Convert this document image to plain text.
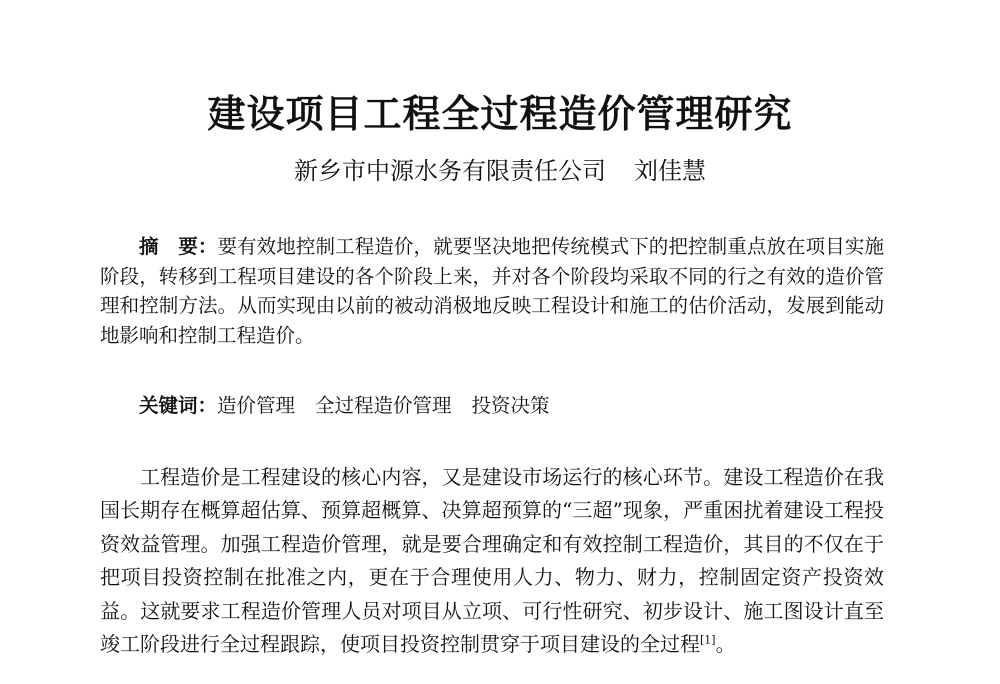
建设项目工程全过程造价管理研究
新乡市中源水务有限责任公司 刘佳慧
摘　要：要有效地控制工程造价，就要坚决地把传统模式下的把控制重点放在项目实施阶段，转移到工程项目建设的各个阶段上来，并对各个阶段均采取不同的行之有效的造价管理和控制方法。从而实现由以前的被动消极地反映工程设计和施工的估价活动，发展到能动地影响和控制工程造价。
关键词：造价管理 全过程造价管理 投资决策
工程造价是工程建设的核心内容，又是建设市场运行的核心环节。建设工程造价在我国长期存在概算超估算、预算超概算、决算超预算的“三超”现象，严重困扰着建设工程投资效益管理。加强工程造价管理，就是要合理确定和有效控制工程造价，其目的不仅在于把项目投资控制在批准之内，更在于合理使用人力、物力、财力，控制固定资产投资效益。这就要求工程造价管理人员对项目从立项、可行性研究、初步设计、施工图设计直至竣工阶段进行全过程跟踪，使项目投资控制贯穿于项目建设的全过程[1]。
